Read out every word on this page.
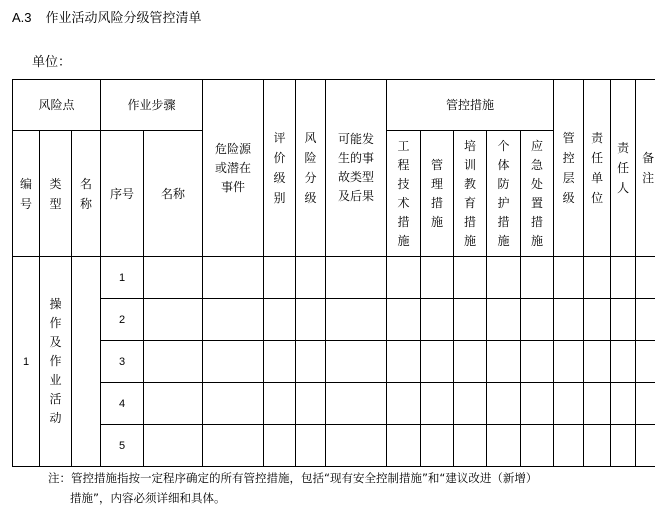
A.3 作业活动风险分级管控清单
单位：
风险点			作业步骤		危险源或潜在事件	评价级别	风险分级	可能发生的事故类型及后果	管控措施					管控层级	责任单位	责任人	备注
编号	类型	名称	序号	名称					工程技术措施	管理措施	培训教育措施	个体防护措施	应急处置措施				
1	操作及作业活动		1														
			2														
			3														
			4														
			5														
注：管控措施指按一定程序确定的所有管控措施，包括“现有安全控制措施”和“建议改进（新增）
措施”，内容必须详细和具体。
